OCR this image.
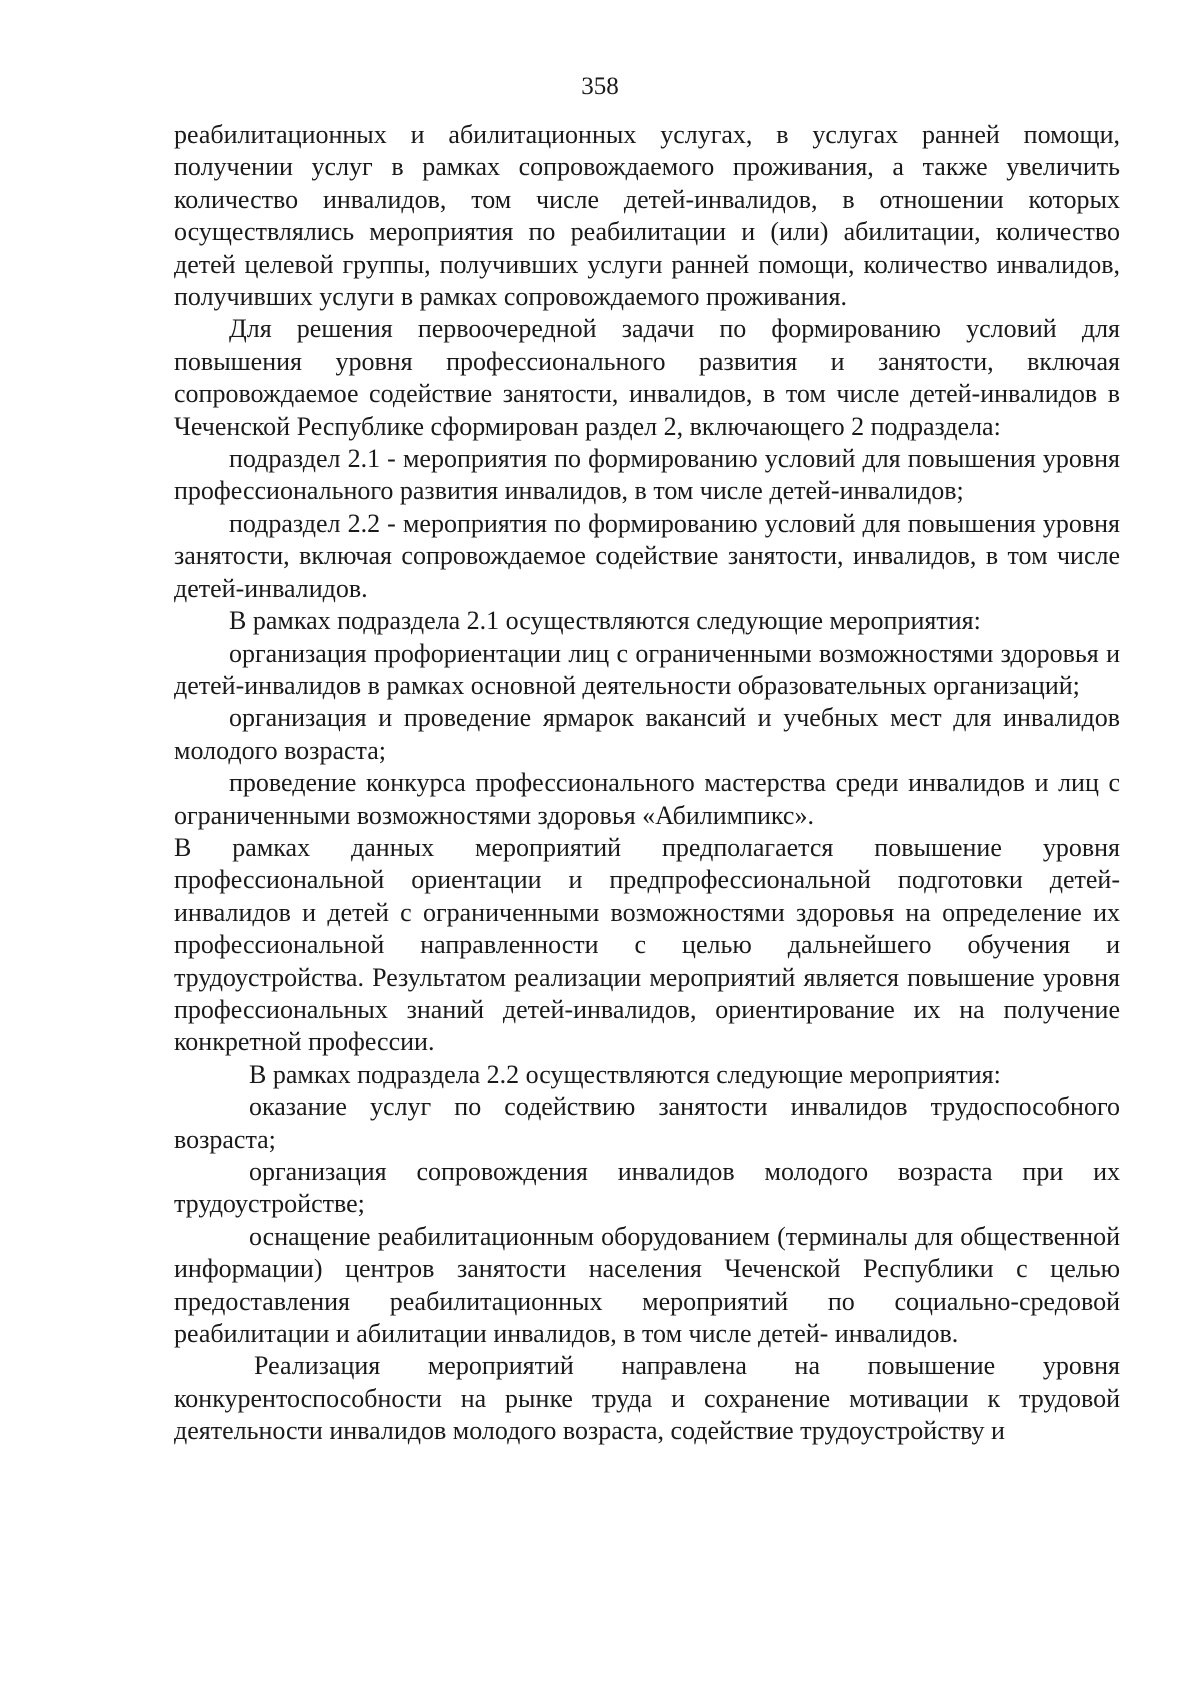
358

реабилитационных и абилитационных услугах, в услугах ранней помощи, получении услуг в рамках сопровождаемого проживания, а также увеличить количество инвалидов, том числе детей-инвалидов, в отношении которых осуществлялись мероприятия по реабилитации и (или) абилитации, количество детей целевой группы, получивших услуги ранней помощи, количество инвалидов, получивших услуги в рамках сопровождаемого проживания.

Для решения первоочередной задачи по формированию условий для повышения уровня профессионального развития и занятости, включая сопровождаемое содействие занятости, инвалидов, в том числе детей-инвалидов в Чеченской Республике сформирован раздел 2, включающего 2 подраздела:

подраздел 2.1 - мероприятия по формированию условий для повышения уровня профессионального развития инвалидов, в том числе детей-инвалидов;

подраздел 2.2 - мероприятия по формированию условий для повышения уровня занятости, включая сопровождаемое содействие занятости, инвалидов, в том числе детей-инвалидов.

В рамках подраздела 2.1 осуществляются следующие мероприятия:

организация профориентации лиц с ограниченными возможностями здоровья и детей-инвалидов в рамках основной деятельности образовательных организаций;

организация и проведение ярмарок вакансий и учебных мест для инвалидов молодого возраста;

проведение конкурса профессионального мастерства среди инвалидов и лиц с ограниченными возможностями здоровья «Абилимпикс».

В рамках данных мероприятий предполагается повышение уровня профессиональной ориентации и предпрофессиональной подготовки детей-инвалидов и детей с ограниченными возможностями здоровья на определение их профессиональной направленности с целью дальнейшего обучения и трудоустройства. Результатом реализации мероприятий является повышение уровня профессиональных знаний детей-инвалидов, ориентирование их на получение конкретной профессии.

В рамках подраздела 2.2 осуществляются следующие мероприятия:

оказание услуг по содействию занятости инвалидов трудоспособного возраста;

организация сопровождения инвалидов молодого возраста при их трудоустройстве;

оснащение реабилитационным оборудованием (терминалы для общественной информации) центров занятости населения Чеченской Республики с целью предоставления реабилитационных мероприятий по социально-средовой реабилитации и абилитации инвалидов, в том числе детей- инвалидов.

Реализация мероприятий направлена на повышение уровня конкурентоспособности на рынке труда и сохранение мотивации к трудовой деятельности инвалидов молодого возраста, содействие трудоустройству и
